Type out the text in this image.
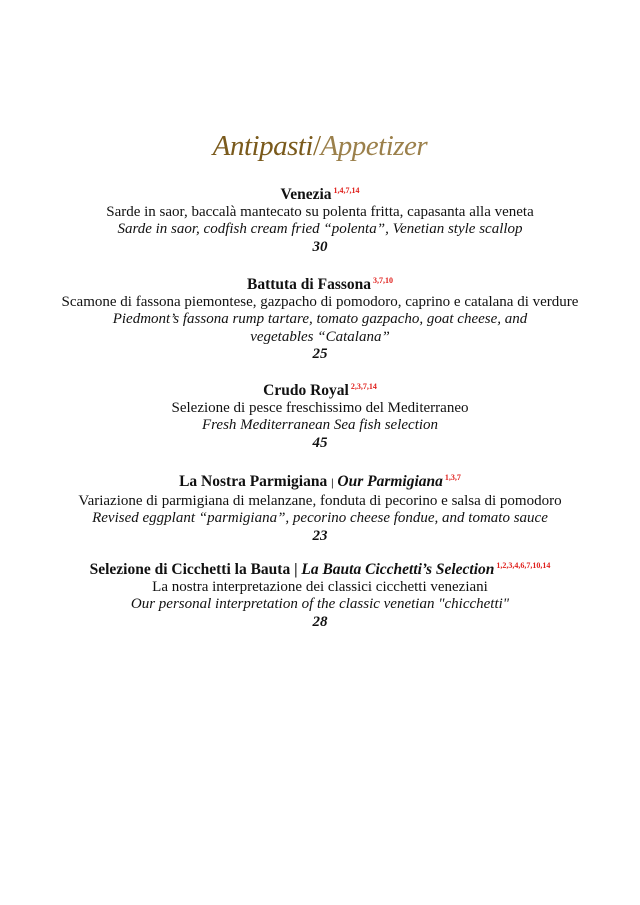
Antipasti/Appetizer
Venezia $^{1,4,7,14}$
Sarde in saor, baccalà mantecato su polenta fritta, capasanta alla veneta
Sarde in saor, codfish cream fried “polenta”, Venetian style scallop
30
Battuta di Fassona $^{3,7,10}$
Scamone di fassona piemontese, gazpacho di pomodoro, caprino e catalana di verdure
Piedmont’s fassona rump tartare, tomato gazpacho, goat cheese, and vegetables “Catalana”
25
Crudo Royal $^{2,3,7,14}$
Selezione di pesce freschissimo del Mediterraneo
Fresh Mediterranean Sea fish selection
45
La Nostra Parmigiana | Our Parmigiana $^{1,3,7}$
Variazione di parmigiana di melanzane, fonduta di pecorino e salsa di pomodoro
Revised eggplant “parmigiana”, pecorino cheese fondue, and tomato sauce
23
Selezione di Cicchetti la Bauta | La Bauta Cicchetti’s Selection $^{1,2,3,4,6,7,10,14}$
La nostra interpretazione dei classici cicchetti veneziani
Our personal interpretation of the classic venetian "chicchetti"
28
